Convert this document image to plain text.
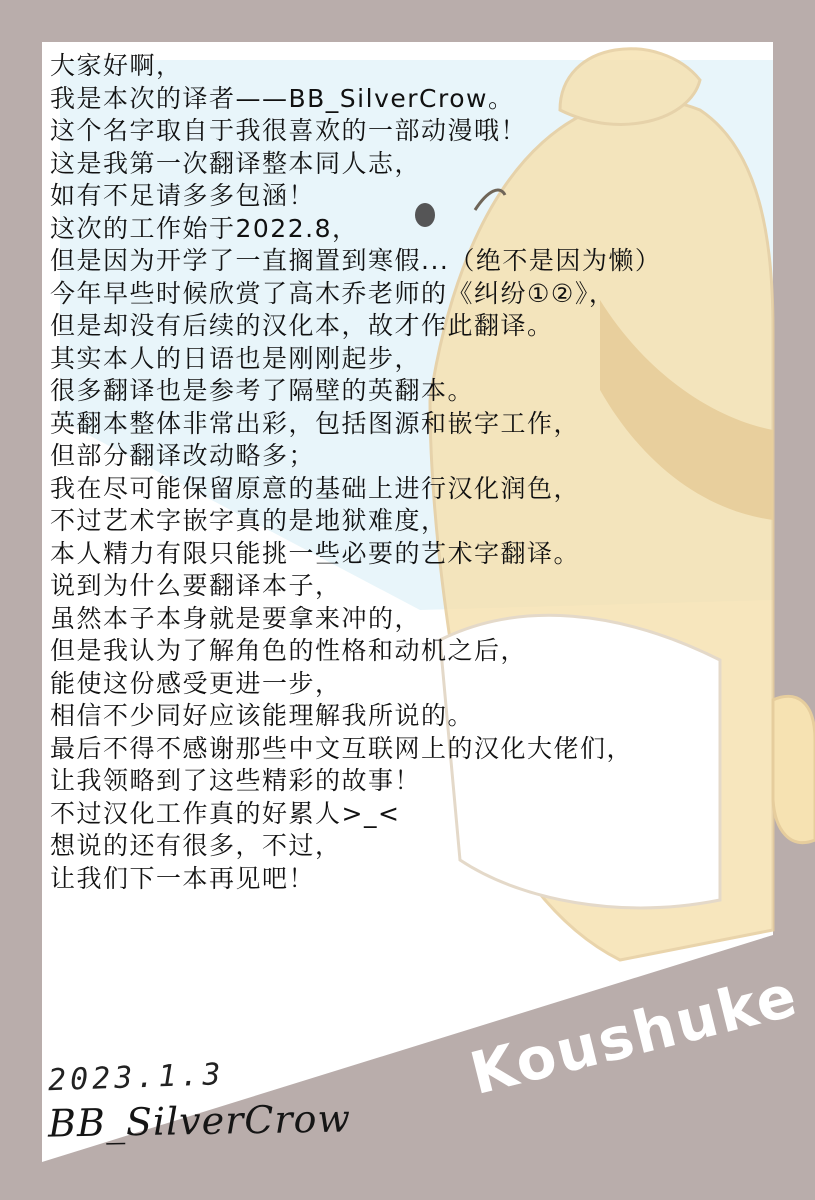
大家好啊，
我是本次的译者——BB_SilverCrow。
这个名字取自于我很喜欢的一部动漫哦！
这是我第一次翻译整本同人志，
如有不足请多多包涵！
这次的工作始于2022.8，
但是因为开学了一直搁置到寒假...（绝不是因为懒）
今年早些时候欣赏了高木乔老师的《纠纷①②》，
但是却没有后续的汉化本，故才作此翻译。
其实本人的日语也是刚刚起步，
很多翻译也是参考了隔壁的英翻本。
英翻本整体非常出彩，包括图源和嵌字工作，
但部分翻译改动略多；
我在尽可能保留原意的基础上进行汉化润色，
不过艺术字嵌字真的是地狱难度，
本人精力有限只能挑一些必要的艺术字翻译。
说到为什么要翻译本子，
虽然本子本身就是要拿来冲的，
但是我认为了解角色的性格和动机之后，
能使这份感受更进一步，
相信不少同好应该能理解我所说的。
最后不得不感谢那些中文互联网上的汉化大佬们，
让我领略到了这些精彩的故事！
不过汉化工作真的好累人>_<
想说的还有很多，不过，
让我们下一本再见吧！
2023.1.3
BB_SilverCrow
Koushuke
